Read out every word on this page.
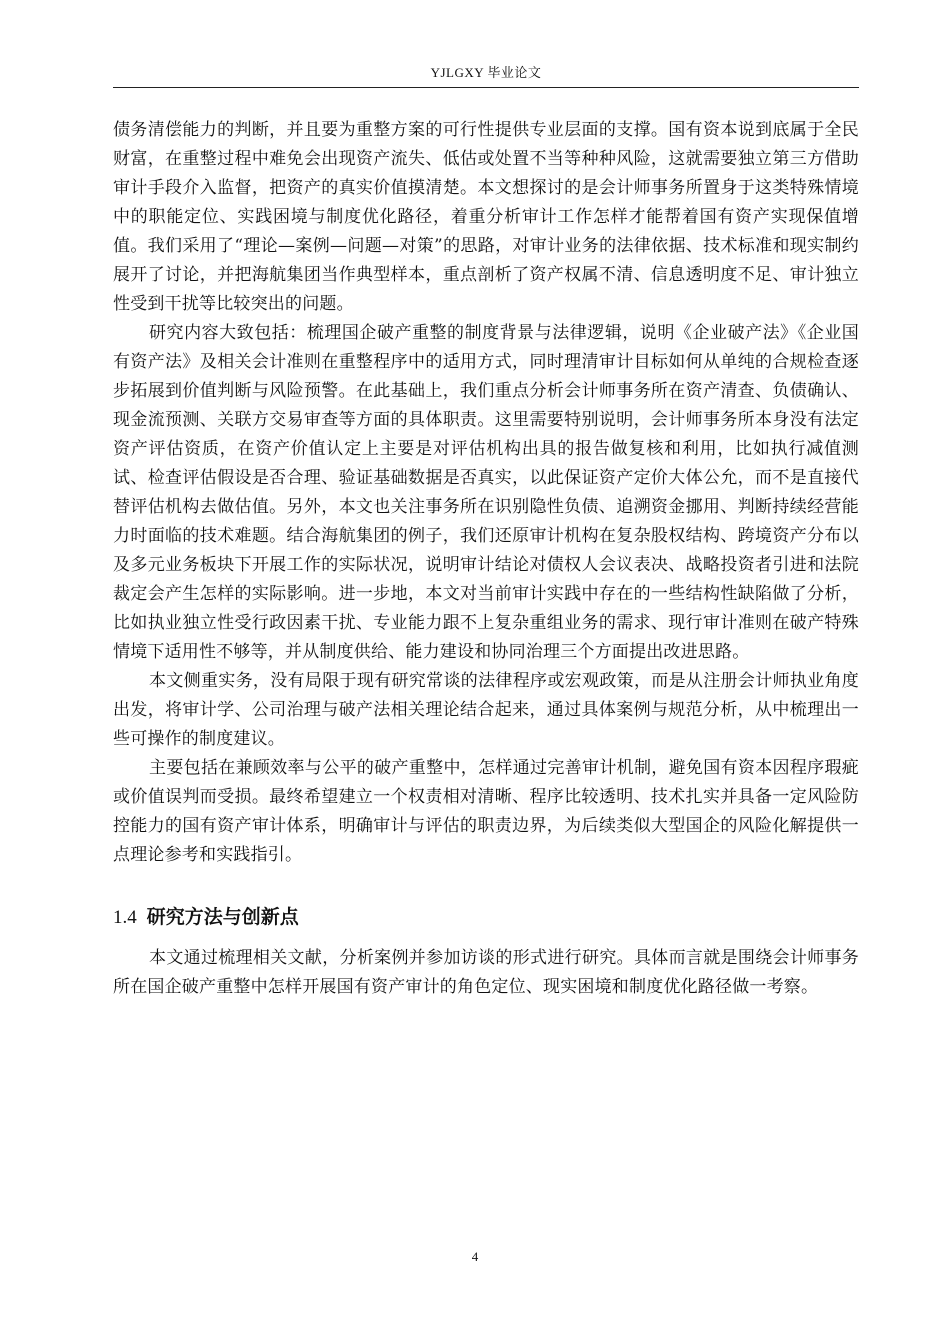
YJLGXY 毕业论文

债务清偿能力的判断，并且要为重整方案的可行性提供专业层面的支撑。国有资本说到底属于全民财富，在重整过程中难免会出现资产流失、低估或处置不当等种种风险，这就需要独立第三方借助审计手段介入监督，把资产的真实价值摸清楚。本文想探讨的是会计师事务所置身于这类特殊情境中的职能定位、实践困境与制度优化路径，着重分析审计工作怎样才能帮着国有资产实现保值增值。我们采用了“理论—案例—问题—对策”的思路，对审计业务的法律依据、技术标准和现实制约展开了讨论，并把海航集团当作典型样本，重点剖析了资产权属不清、信息透明度不足、审计独立性受到干扰等比较突出的问题。

研究内容大致包括：梳理国企破产重整的制度背景与法律逻辑，说明《企业破产法》《企业国有资产法》及相关会计准则在重整程序中的适用方式，同时理清审计目标如何从单纯的合规检查逐步拓展到价值判断与风险预警。在此基础上，我们重点分析会计师事务所在资产清查、负债确认、现金流预测、关联方交易审查等方面的具体职责。这里需要特别说明，会计师事务所本身没有法定资产评估资质，在资产价值认定上主要是对评估机构出具的报告做复核和利用，比如执行减值测试、检查评估假设是否合理、验证基础数据是否真实，以此保证资产定价大体公允，而不是直接代替评估机构去做估值。另外，本文也关注事务所在识别隐性负债、追溯资金挪用、判断持续经营能力时面临的技术难题。结合海航集团的例子，我们还原审计机构在复杂股权结构、跨境资产分布以及多元业务板块下开展工作的实际状况，说明审计结论对债权人会议表决、战略投资者引进和法院裁定会产生怎样的实际影响。进一步地，本文对当前审计实践中存在的一些结构性缺陷做了分析，比如执业独立性受行政因素干扰、专业能力跟不上复杂重组业务的需求、现行审计准则在破产特殊情境下适用性不够等，并从制度供给、能力建设和协同治理三个方面提出改进思路。

本文侧重实务，没有局限于现有研究常谈的法律程序或宏观政策，而是从注册会计师执业角度出发，将审计学、公司治理与破产法相关理论结合起来，通过具体案例与规范分析，从中梳理出一些可操作的制度建议。

主要包括在兼顾效率与公平的破产重整中，怎样通过完善审计机制，避免国有资本因程序瑕疵或价值误判而受损。最终希望建立一个权责相对清晰、程序比较透明、技术扎实并具备一定风险防控能力的国有资产审计体系，明确审计与评估的职责边界，为后续类似大型国企的风险化解提供一点理论参考和实践指引。

1.4 研究方法与创新点

本文通过梳理相关文献，分析案例并参加访谈的形式进行研究。具体而言就是围绕会计师事务所在国企破产重整中怎样开展国有资产审计的角色定位、现实困境和制度优化路径做一考察。

4
